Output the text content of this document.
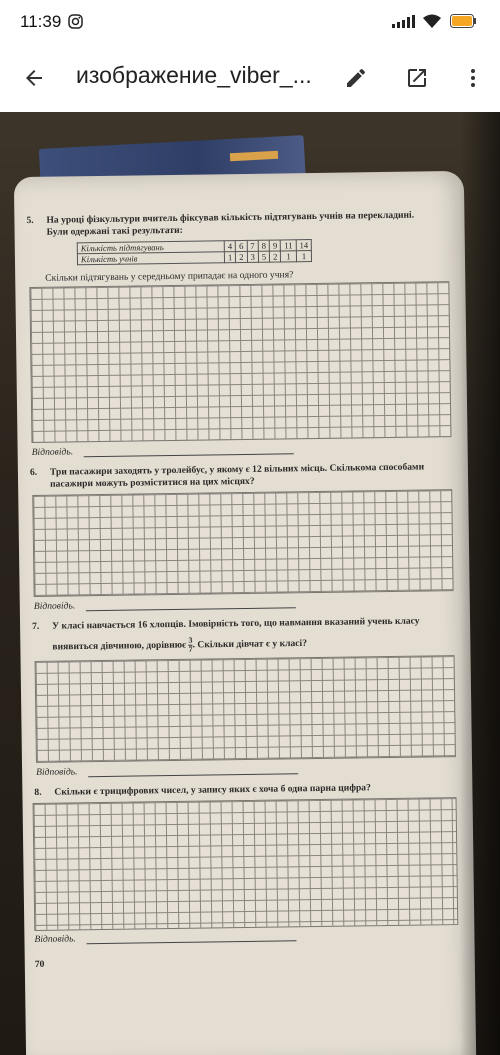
11:39
изображение_viber_...
5. На уроці фізкультури вчитель фіксував кількість підтягувань учнів на перекладині.
Були одержані такі результати:
Кількість підтягувань	4	6	7	8	9	11	14
Кількість учнів	1	2	3	5	2	1	1
Скільки підтягувань у середньому припадає на одного учня?
Відповідь.
6. Три пасажири заходять у тролейбус, у якому є 12 вільних місць. Скількома способами
пасажири можуть розміститися на цих місцях?
Відповідь.
7. У класі навчається 16 хлопців. Імовірність того, що навмання вказаний учень класу
виявиться дівчиною, дорівнює $\frac{3}{7}$ . Скільки дівчат є у класі?
Відповідь.
8. Скільки є трицифрових чисел, у запису яких є хоча б одна парна цифра?
Відповідь.
70
